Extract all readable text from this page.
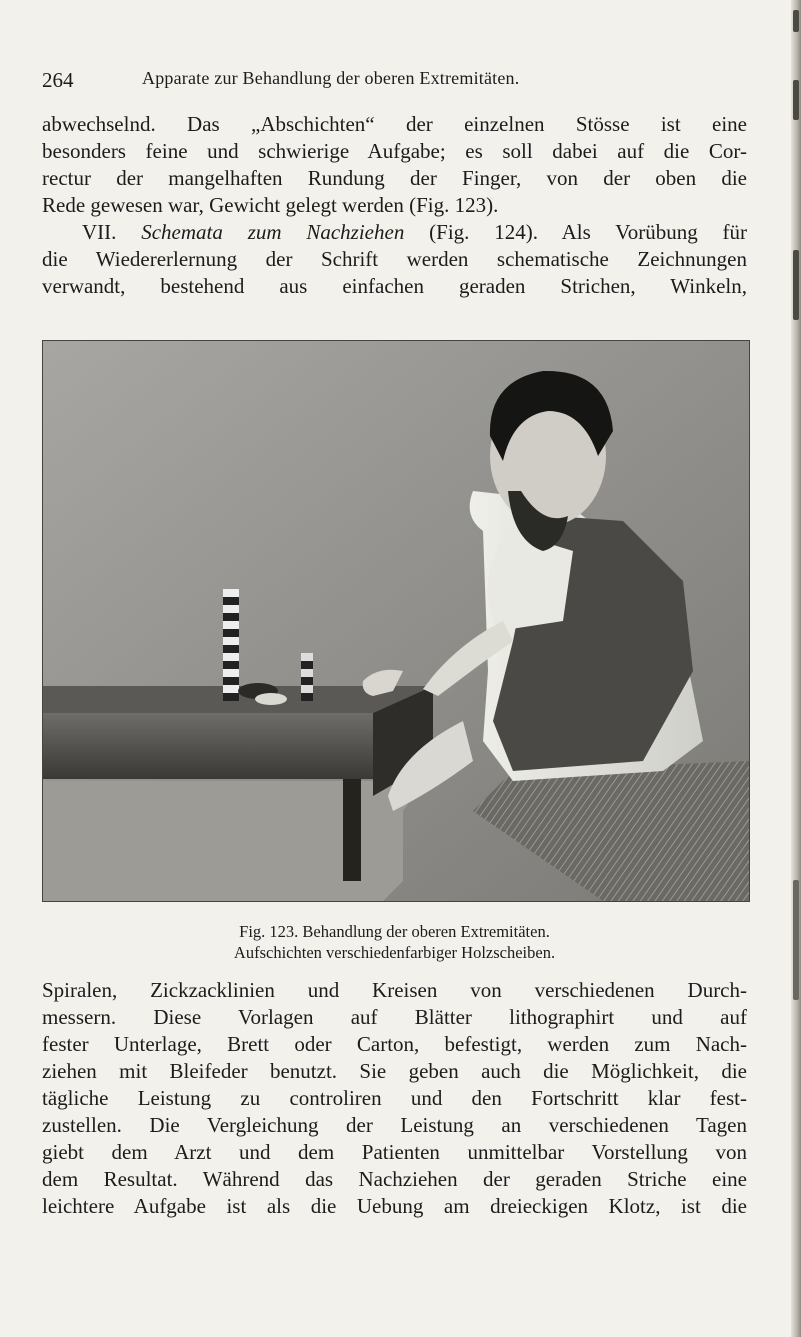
264	Apparate zur Behandlung der oberen Extremitäten.
abwechselnd. Das „Abschichten“ der einzelnen Stösse ist eine
besonders feine und schwierige Aufgabe; es soll dabei auf die Cor-
rectur der mangelhaften Rundung der Finger, von der oben die
Rede gewesen war, Gewicht gelegt werden (Fig. 123).
VII. Schemata zum Nachziehen (Fig. 124). Als Vorübung für
die Wiedererlernung der Schrift werden schematische Zeichnungen
verwandt, bestehend aus einfachen geraden Strichen, Winkeln,
Fig. 123. Behandlung der oberen Extremitäten.
Aufschichten verschiedenfarbiger Holzscheiben.
Spiralen, Zickzacklinien und Kreisen von verschiedenen Durch-
messern. Diese Vorlagen auf Blätter lithographirt und auf
fester Unterlage, Brett oder Carton, befestigt, werden zum Nach-
ziehen mit Bleifeder benutzt. Sie geben auch die Möglichkeit, die
tägliche Leistung zu controliren und den Fortschritt klar fest-
zustellen. Die Vergleichung der Leistung an verschiedenen Tagen
giebt dem Arzt und dem Patienten unmittelbar Vorstellung von
dem Resultat. Während das Nachziehen der geraden Striche eine
leichtere Aufgabe ist als die Uebung am dreieckigen Klotz, ist die
